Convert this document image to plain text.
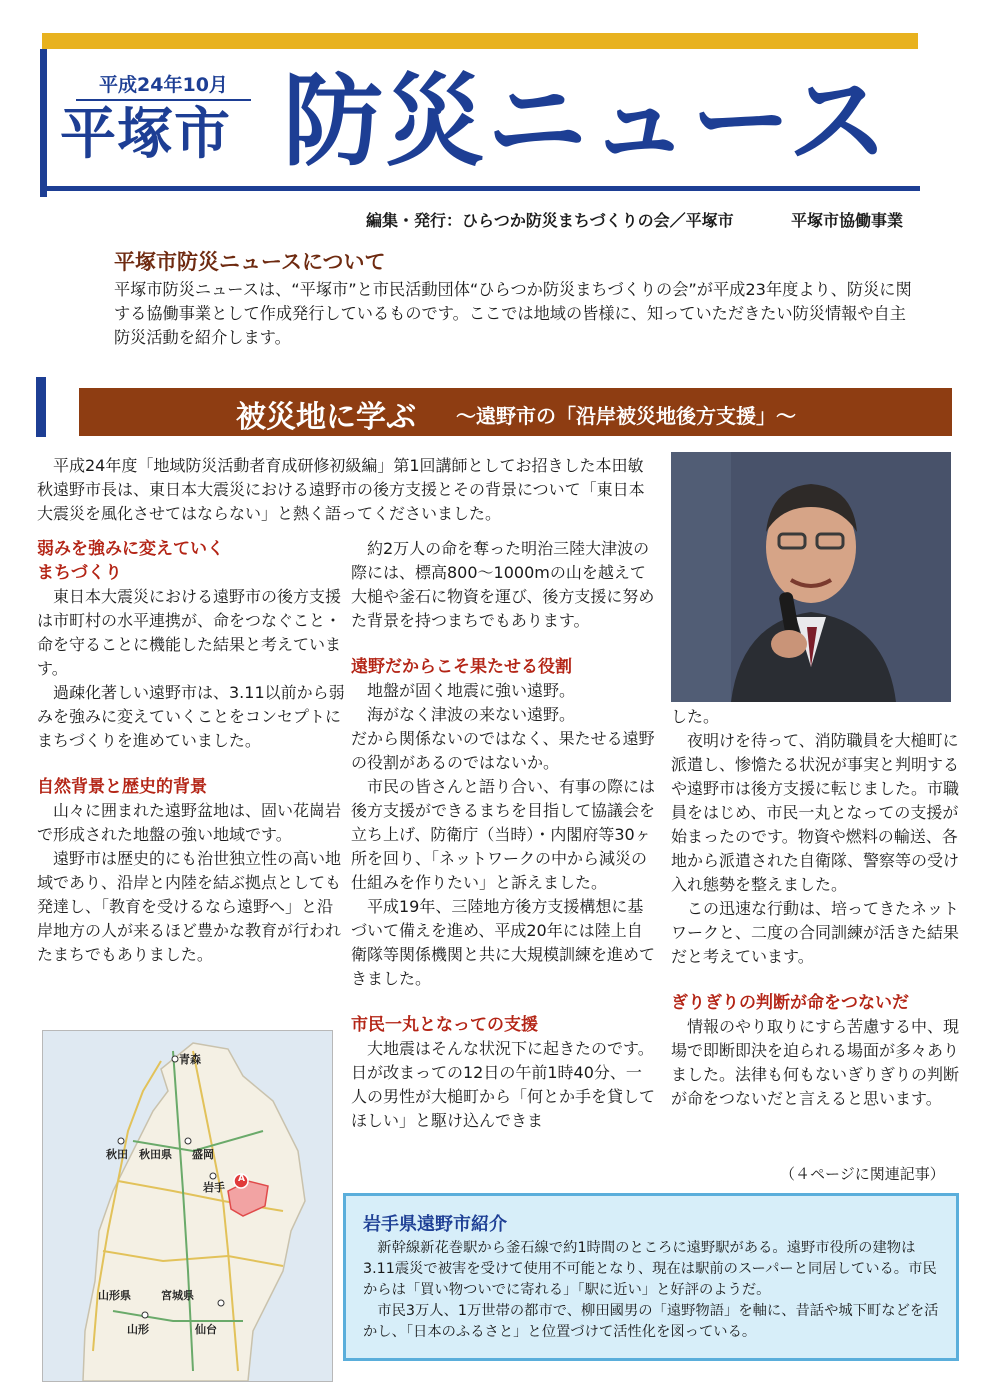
平成24年10月
平塚市 防災ニュース
編集・発行：ひらつか防災まちづくりの会／平塚市	平塚市協働事業
平塚市防災ニュースについて
平塚市防災ニュースは、“平塚市”と市民活動団体“ひらつか防災まちづくりの会”が平成23年度より、防災に関する協働事業として作成発行しているものです。ここでは地域の皆様に、知っていただきたい防災情報や自主防災活動を紹介します。
被災地に学ぶ ～遠野市の「沿岸被災地後方支援」～

平成24年度「地域防災活動者育成研修初級編」第1回講師としてお招きした本田敏秋遠野市長は、東日本大震災における遠野市の後方支援とその背景について「東日本大震災を風化させてはならない」と熱く語ってくださいました。

弱みを強みに変えていく
まちづくり

東日本大震災における遠野市の後方支援は市町村の水平連携が、命をつなぐこと・命を守ることに機能した結果と考えています。

過疎化著しい遠野市は、3.11以前から弱みを強みに変えていくことをコンセプトにまちづくりを進めていました。

自然背景と歴史的背景

山々に囲まれた遠野盆地は、固い花崗岩で形成された地盤の強い地域です。

遠野市は歴史的にも治世独立性の高い地域であり、沿岸と内陸を結ぶ拠点としても発達し、「教育を受けるなら遠野へ」と沿岸地方の人が来るほど豊かな教育が行われたまちでもありました。

約2万人の命を奪った明治三陸大津波の際には、標高800～1000mの山を越えて大槌や釜石に物資を運び、後方支援に努めた背景を持つまちでもあります。

遠野だからこそ果たせる役割

地盤が固く地震に強い遠野。

海がなく津波の来ない遠野。

だから関係ないのではなく、果たせる遠野の役割があるのではないか。

市民の皆さんと語り合い、有事の際には後方支援ができるまちを目指して協議会を立ち上げ、防衛庁（当時）・内閣府等30ヶ所を回り、「ネットワークの中から減災の仕組みを作りたい」と訴えました。

平成19年、三陸地方後方支援構想に基づいて備えを進め、平成20年には陸上自衛隊等関係機関と共に大規模訓練を進めてきました。

市民一丸となっての支援

大地震はそんな状況下に起きたのです。日が改まっての12日の午前1時40分、一人の男性が大槌町から「何とか手を貸してほしい」と駆け込んできま

した。

夜明けを待って、消防職員を大槌町に派遣し、惨憺たる状況が事実と判明するや遠野市は後方支援に転じました。市職員をはじめ、市民一丸となっての支援が始まったのです。物資や燃料の輸送、各地から派遣された自衛隊、警察等の受け入れ態勢を整えました。

この迅速な行動は、培ってきたネットワークと、二度の合同訓練が活きた結果だと考えています。

ぎりぎりの判断が命をつないだ

情報のやり取りにすら苦慮する中、現場で即断即決を迫られる場面が多々ありました。法律も何もないぎりぎりの判断が命をつないだと言えると思います。

（４ページに関連記事）
青森
秋田 秋田県 盛岡
岩手
A
山形県	宮城県
山形	仙台
岩手県遠野市紹介

新幹線新花巻駅から釜石線で約1時間のところに遠野駅がある。遠野市役所の建物は3.11震災で被害を受けて使用不可能となり、現在は駅前のスーパーと同居している。市民からは「買い物ついでに寄れる」「駅に近い」と好評のようだ。

市民3万人、1万世帯の都市で、柳田國男の「遠野物語」を軸に、昔話や城下町などを活かし、「日本のふるさと」と位置づけて活性化を図っている。
